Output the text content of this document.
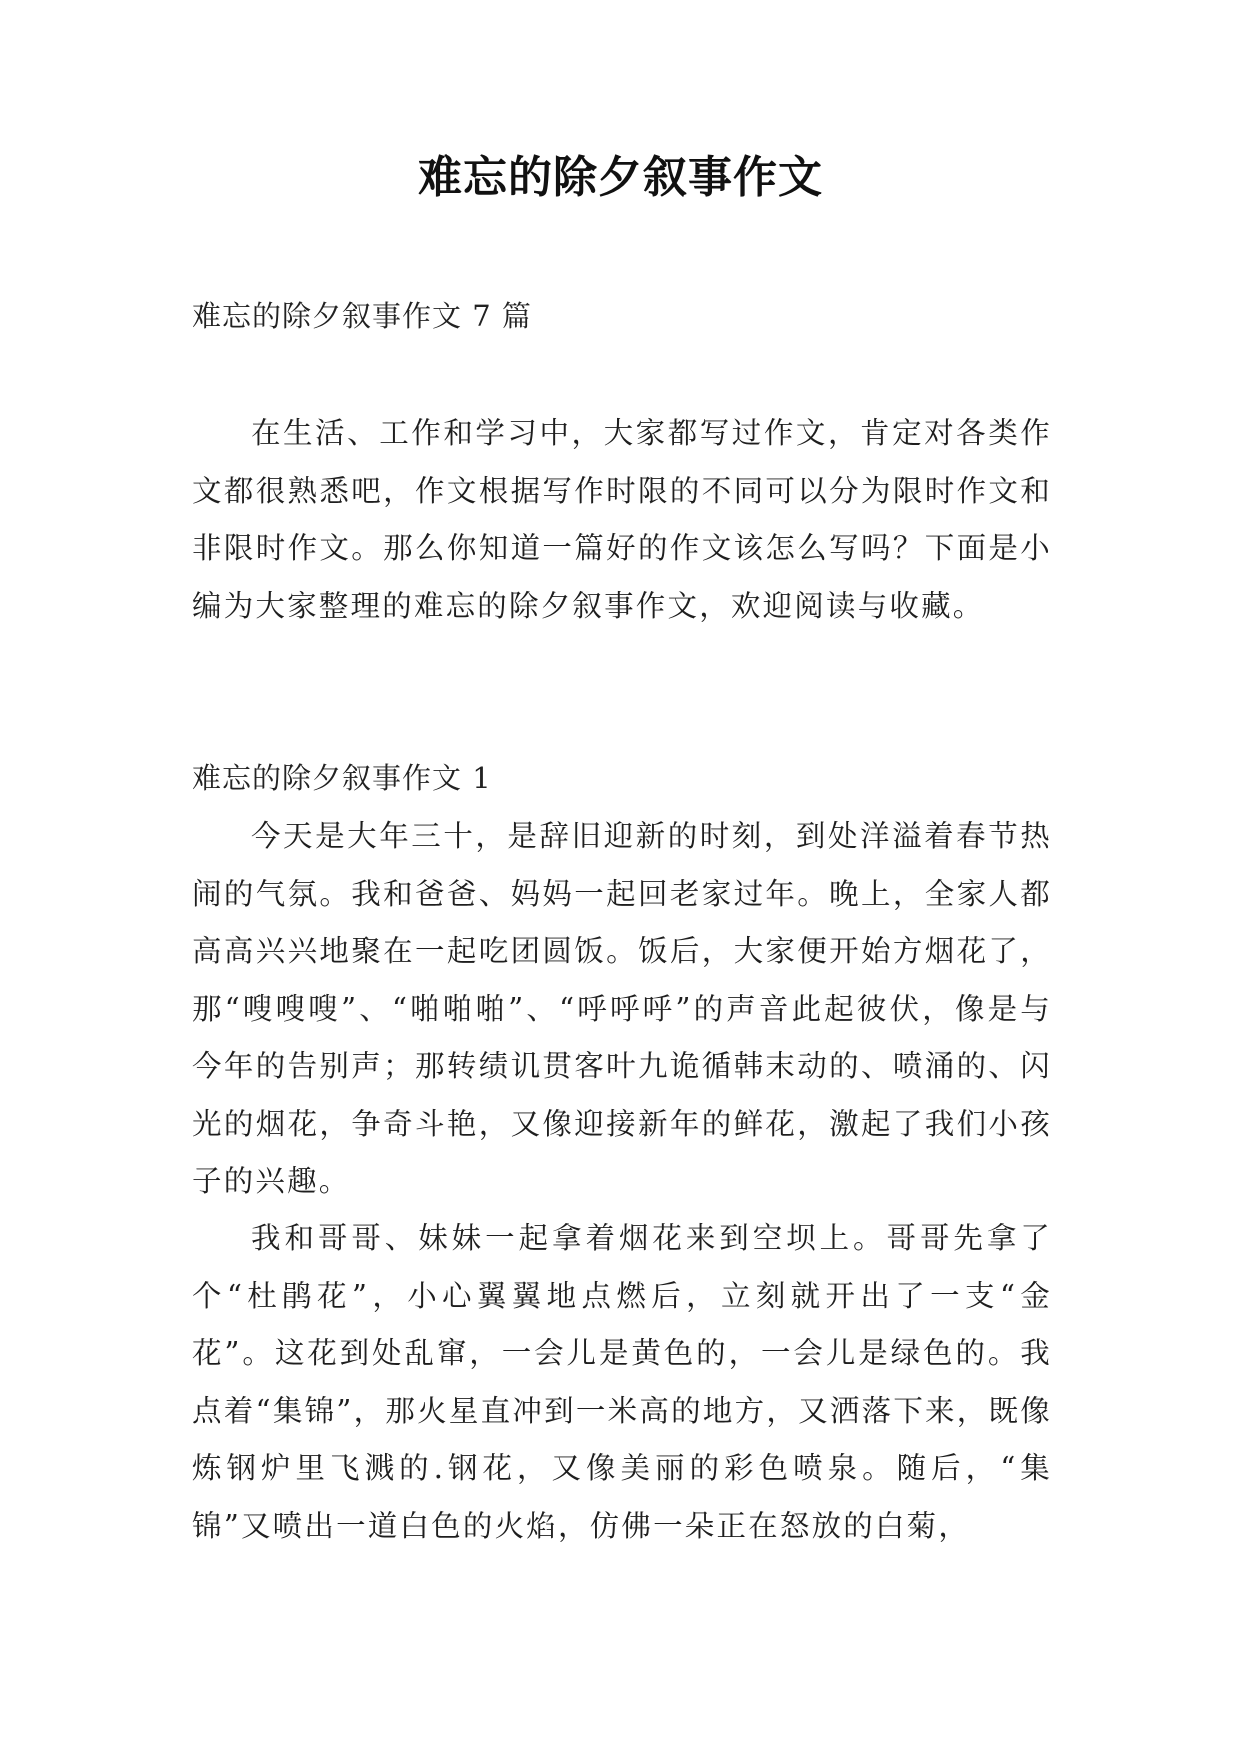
难忘的除夕叙事作文

难忘的除夕叙事作文 7 篇

在生活、工作和学习中，大家都写过作文，肯定对各类作文都很熟悉吧，作文根据写作时限的不同可以分为限时作文和非限时作文。那么你知道一篇好的作文该怎么写吗？下面是小编为大家整理的难忘的除夕叙事作文，欢迎阅读与收藏。

难忘的除夕叙事作文 1

今天是大年三十，是辞旧迎新的时刻，到处洋溢着春节热闹的气氛。我和爸爸、妈妈一起回老家过年。晚上，全家人都高高兴兴地聚在一起吃团圆饭。饭后，大家便开始方烟花了，那“嗖嗖嗖”、“啪啪啪”、“呼呼呼”的声音此起彼伏，像是与今年的告别声；那转绩讥贯客叶九诡循韩末动的、喷涌的、闪光的烟花，争奇斗艳，又像迎接新年的鲜花，激起了我们小孩子的兴趣。

我和哥哥、妹妹一起拿着烟花来到空坝上。哥哥先拿了个“杜鹃花”，小心翼翼地点燃后，立刻就开出了一支“金花”。这花到处乱窜，一会儿是黄色的，一会儿是绿色的。我点着“集锦”，那火星直冲到一米高的地方，又洒落下来，既像炼钢炉里飞溅的.钢花，又像美丽的彩色喷泉。随后，“集锦”又喷出一道白色的火焰，仿佛一朵正在怒放的白菊，
